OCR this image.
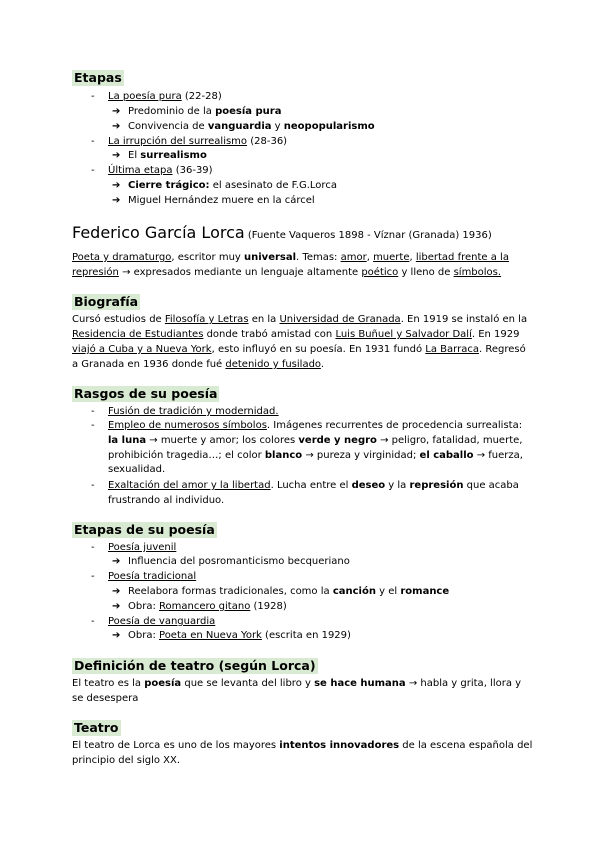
Etapas
- La poesía pura (22-28)
➔ Predominio de la poesía pura
➔ Convivencia de vanguardia y neopopularismo
- La irrupción del surrealismo (28-36)
➔ El surrealismo
- Última etapa (36-39)
➔ Cierre trágico: el asesinato de F.G.Lorca
➔ Miguel Hernández muere en la cárcel
Federico García Lorca (Fuente Vaqueros 1898 - Víznar (Granada) 1936)
Poeta y dramaturgo, escritor muy universal. Temas: amor, muerte, libertad frente a la
represión → expresados mediante un lenguaje altamente poético y lleno de símbolos.
Biografía
Cursó estudios de Filosofía y Letras en la Universidad de Granada. En 1919 se instaló en la
Residencia de Estudiantes donde trabó amistad con Luis Buñuel y Salvador Dalí. En 1929
viajó a Cuba y a Nueva York, esto influyó en su poesía. En 1931 fundó La Barraca. Regresó
a Granada en 1936 donde fué detenido y fusilado.
Rasgos de su poesía
- Fusión de tradición y modernidad.
- Empleo de numerosos símbolos. Imágenes recurrentes de procedencia surrealista:
la luna → muerte y amor; los colores verde y negro → peligro, fatalidad, muerte,
prohibición tragedia…; el color blanco → pureza y virginidad; el caballo → fuerza,
sexualidad.
- Exaltación del amor y la libertad. Lucha entre el deseo y la represión que acaba
frustrando al individuo.
Etapas de su poesía
- Poesía juvenil
➔ Influencia del posromanticismo becqueriano
- Poesía tradicional
➔ Reelabora formas tradicionales, como la canción y el romance
➔ Obra: Romancero gitano (1928)
- Poesía de vanguardia
➔ Obra: Poeta en Nueva York (escrita en 1929)
Definición de teatro (según Lorca)
El teatro es la poesía que se levanta del libro y se hace humana → habla y grita, llora y
se desespera
Teatro
El teatro de Lorca es uno de los mayores intentos innovadores de la escena española del
principio del siglo XX.
